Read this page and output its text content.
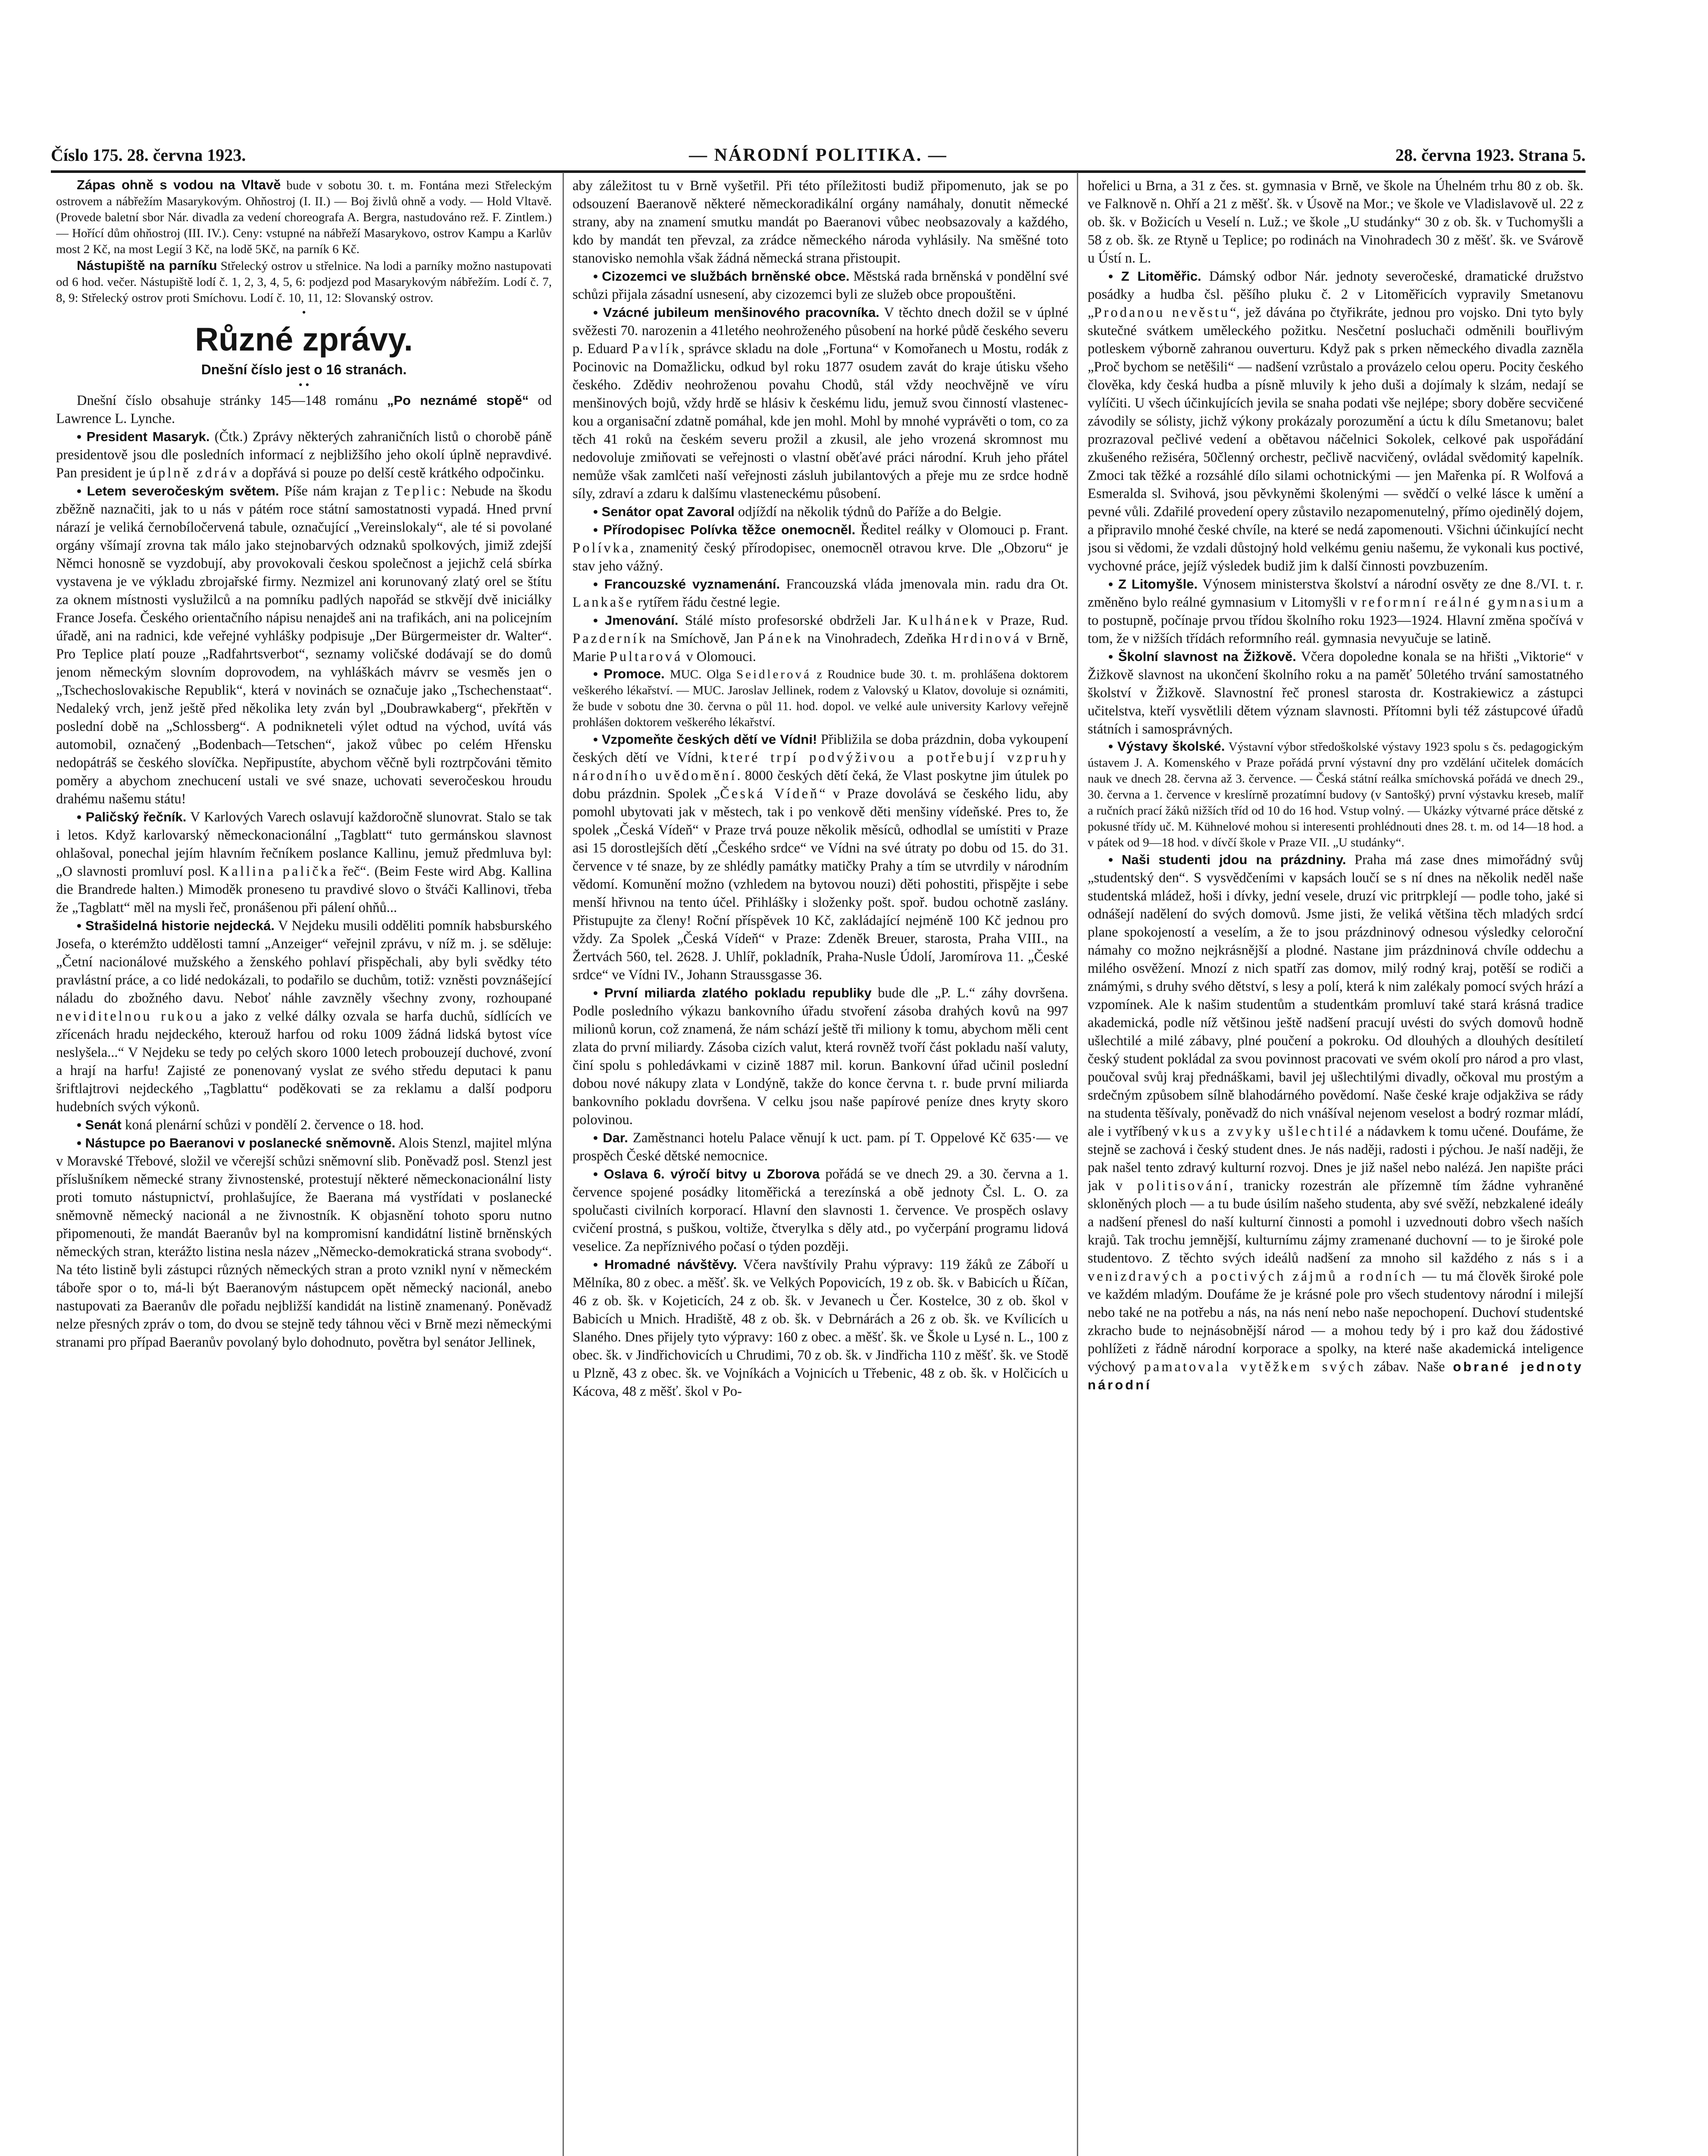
Číslo 175. 28. června 1923.	— NÁRODNÍ POLITIKA. —	28. června 1923. Strana 5.

Zápas ohně s vodou na Vltavě bude v sobotu 30. t. m. Fontána mezi Střeleckým ostrovem a nábřežím Masarykovým. Ohňostroj (I. II.) — Boj živlů ohně a vody. — Hold Vltavě. (Provede baletní sbor Nár. divadla za vedení choreografa A. Bergra, nastudováno rež. F. Zintlem.) — Hořící dům ohňostroj (III. IV.). Ceny: vstupné na nábřeží Masarykovo, ostrov Kampu a Karlův most 2 Kč, na most Legií 3 Kč, na lodě 5Kč, na parník 6 Kč.

Nástupiště na parníku Střelecký ostrov u střelnice. Na lodi a parníky možno nastupovati od 6 hod. večer. Nástupiště lodí č. 1, 2, 3, 4, 5, 6: podjezd pod Masarykovým nábřežím. Lodí č. 7, 8, 9: Střelecký ostrov proti Smíchovu. Lodí č. 10, 11, 12: Slovanský ostrov.

•

Různé zprávy.

Dnešní číslo jest o 16 stranách.

• •

Dnešní číslo obsahuje stránky 145—148 románu „Po neznámé stopě“ od Lawrence L. Lynche.

• President Masaryk. (Čtk.) Zprávy některých zahraničních listů o chorobě páně presidentově jsou dle posledních informací z nejbližšího jeho okolí úplně nepravdivé. Pan president je úplně zdráv a dopřává si pouze po delší cestě krátkého odpočinku.

• Letem severočeským světem. Píše nám krajan z Teplic: Nebude na škodu zběžně naznačiti, jak to u nás v pátém roce státní samostatnosti vypadá. Hned první nárazí je veliká černobíločervená tabule, označující „Vereinslokaly“, ale té si povolané orgány všímají zrovna tak málo jako stejnobarvých odznaků spolkových, jimiž zdejší Němci honosně se vyzdobují, aby provokovali českou společnost a jejichž celá sbírka vystavena je ve výkladu zbrojařské firmy. Nezmizel ani korunovaný zlatý orel se štítu za oknem místnosti vyslužilců a na pomníku padlých napořád se stkvějí dvě iniciálky France Josefa. Českého orientačního nápisu nenajdeš ani na trafikách, ani na policejním úřadě, ani na radnici, kde veřejné vyhlášky podpisuje „Der Bürgermeister dr. Walter“. Pro Teplice platí pouze „Radfahrtsverbot“, seznamy voličské dodávají se do domů jenom německým slovním doprovodem, na vyhláškách mávrv se vesměs jen o „Tschechoslovakische Republik“, která v novinách se označuje jako „Tschechenstaat“. Nedaleký vrch, jenž ještě před několika lety zván byl „Doubrawkaberg“, překřtěn v poslední době na „Schlossberg“. A podnikneteli výlet odtud na východ, uvítá vás automobil, označený „Bodenbach—Tetschen“, jakož vůbec po celém Hřensku nedopátráš se českého slovíčka. Nepřipustíte, abychom věčně byli roztrpčováni těmito poměry a abychom znechucení ustali ve své snaze, uchovati severočeskou hroudu drahému našemu státu!

• Paličský řečník. V Karlových Varech oslavují každoročně slunovrat. Stalo se tak i letos. Když karlovarský německonacionální „Tagblatt“ tuto germánskou slavnost ohlašoval, ponechal jejím hlavním řečníkem poslance Kallinu, jemuž předmluva byl: „O slavnosti promluví posl. Kallina palička řeč“. (Beim Feste wird Abg. Kallina die Brandrede halten.) Mimoděk proneseno tu pravdivé slovo o štváči Kallinovi, třeba že „Tagblatt“ měl na mysli řeč, pronášenou při pálení ohňů...

• Strašidelná historie nejdecká. V Nejdeku musili odděliti pomník habsburského Josefa, o kterémžto uddělosti tamní „Anzeiger“ veřejnil zprávu, v níž m. j. se sděluje: „Četní nacionálové mužského a ženského pohlaví přispěchali, aby byli svědky této pravlástní práce, a co lidé nedokázali, to podařilo se duchům, totiž: vzněsti povznášející náladu do zbožného davu. Neboť náhle zavzněly všechny zvony, rozhoupané neviditelnou rukou a jako z velké dálky ozvala se harfa duchů, sídlících ve zřícenách hradu nejdeckého, kterouž harfou od roku 1009 žádná lidská bytost více neslyšela...“ V Nejdeku se tedy po celých skoro 1000 letech probouzejí duchové, zvoní a hrají na harfu! Zajisté ze ponenovaný vyslat ze svého středu deputaci k panu šriftlajtrovi nejdeckého „Tagblattu“ poděkovati se za reklamu a další podporu hudebních svých výkonů.

• Senát koná plenární schůzi v pondělí 2. července o 18. hod.

• Nástupce po Baeranovi v poslanecké sněmovně. Alois Stenzl, majitel mlýna v Moravské Třebové, složil ve včerejší schůzi sněmovní slib. Poněvadž posl. Stenzl jest příslušníkem německé strany živnostenské, protestují některé německonacionální listy proti tomuto nástupnictví, prohlašujíce, že Baerana má vystřídati v poslanecké sněmovně německý nacionál a ne živnostník. K objasnění tohoto sporu nutno připomenouti, že mandát Baeranův byl na kompromisní kandidátní listině brněnských německých stran, kterážto listina nesla název „Německo-demokratická strana svobody“. Na této listině byli zástupci různých německých stran a proto vznikl nyní v německém táboře spor o to, má-li být Baeranovým nástupcem opět německý nacionál, anebo nastupovati za Baeranův dle pořadu nejbližší kandidát na listině znamenaný. Poněvadž nelze přesných zpráv o tom, do dvou se stejně tedy táhnou věci v Brně mezi německými stranami pro případ Baeranův povolaný bylo dohodnuto, povětra byl senátor Jellinek,

aby záležitost tu v Brně vyšetřil. Při této příležitosti budiž připomenuto, jak se po odsouzení Baeranově některé německoradikální orgány namáhaly, donutit německé strany, aby na znamení smutku mandát po Baeranovi vůbec neobsazovaly a každého, kdo by mandát ten převzal, za zrádce německého národa vyhlásily. Na směšné toto stanovisko nemohla však žádná německá strana přistoupit.

• Cizozemci ve službách brněnské obce. Městská rada brněnská v pondělní své schůzi přijala zásadní usnesení, aby cizozemci byli ze služeb obce propouštěni.

• Vzácné jubileum menšinového pracovníka. V těchto dnech dožil se v úplné svěžesti 70. narozenin a 41letého neohroženého působení na horké půdě českého severu p. Eduard Pavlík, správce skladu na dole „Fortuna“ v Komořanech u Mostu, rodák z Pocinovic na Domažlicku, odkud byl roku 1877 osudem zavát do kraje útisku všeho českého. Zdědiv neohroženou povahu Chodů, stál vždy neochvějně ve víru menšinových bojů, vždy hrdě se hlásiv k českému lidu, jemuž svou činností vlasteneckou a organisační zdatně pomáhal, kde jen mohl. Mohl by mnohé vyprávěti o tom, co za těch 41 roků na českém severu prožil a zkusil, ale jeho vrozená skromnost mu nedovoluje zmiňovati se veřejnosti o vlastní oběťavé práci národní. Kruh jeho přátel nemůže však zamlčeti naší veřejnosti zásluh jubilantových a přeje mu ze srdce hodně síly, zdraví a zdaru k dalšímu vlasteneckému působení.

• Senátor opat Zavoral odjíždí na několik týdnů do Paříže a do Belgie.

• Přírodopisec Polívka těžce onemocněl. Ředitel reálky v Olomouci p. Frant. Polívka, znamenitý český přírodopisec, onemocněl otravou krve. Dle „Obzoru“ je stav jeho vážný.

• Francouzské vyznamenání. Francouzská vláda jmenovala min. radu dra Ot. Lankaše rytířem řádu čestné legie.

• Jmenování. Stálé místo profesorské obdrželi Jar. Kulhánek v Praze, Rud. Pazderník na Smíchově, Jan Pánek na Vinohradech, Zdeňka Hrdinová v Brně, Marie Pultarová v Olomouci.

• Promoce. MUC. Olga Seidlerová z Roudnice bude 30. t. m. prohlášena doktorem veškerého lékařství. — MUC. Jaroslav Jellinek, rodem z Valovský u Klatov, dovoluje si oznámiti, že bude v sobotu dne 30. června o půl 11. hod. dopol. ve velké aule university Karlovy veřejně prohlášen doktorem veškerého lékařství.

• Vzpomeňte českých dětí ve Vídni! Přibližila se doba prázdnin, doba vykoupení českých dětí ve Vídni, které trpí podvýživou a potřebují vzpruhy národního uvědomění. 8000 českých dětí čeká, že Vlast poskytne jim útulek po dobu prázdnin. Spolek „Česká Vídeň“ v Praze dovolává se českého lidu, aby pomohl ubytovati jak v městech, tak i po venkově děti menšiny vídeňské. Pres to, že spolek „Česká Vídeň“ v Praze trvá pouze několik měsíců, odhodlal se umístiti v Praze asi 15 dorostlejších dětí „Českého srdce“ ve Vídni na své útraty po dobu od 15. do 31. července v té snaze, by ze shlédly památky matičky Prahy a tím se utvrdily v národním vědomí. Komunění možno (vzhledem na bytovou nouzi) děti pohostiti, přispějte i sebe menší hřivnou na tento účel. Přihlášky i složenky pošt. spoř. budou ochotně zaslány. Přistupujte za členy! Roční příspěvek 10 Kč, zakládající nejméně 100 Kč jednou pro vždy. Za Spolek „Česká Vídeň“ v Praze: Zdeněk Breuer, starosta, Praha VIII., na Žertvách 560, tel. 2628. J. Uhlíř, pokladník, Praha-Nusle Údolí, Jaromírova 11. „České srdce“ ve Vídni IV., Johann Straussgasse 36.

• První miliarda zlatého pokladu republiky bude dle „P. L.“ záhy dovršena. Podle posledního výkazu bankovního úřadu stvoření zásoba drahých kovů na 997 milionů korun, což znamená, že nám schází ještě tři miliony k tomu, abychom měli cent zlata do první miliardy. Zásoba cizích valut, která rovněž tvoří část pokladu naší valuty, činí spolu s pohledávkami v cizině 1887 mil. korun. Bankovní úřad učinil poslední dobou nové nákupy zlata v Londýně, takže do konce června t. r. bude první miliarda bankovního pokladu dovršena. V celku jsou naše papírové peníze dnes kryty skoro polovinou.

• Dar. Zaměstnanci hotelu Palace věnují k uct. pam. pí T. Oppelové Kč 635·— ve prospěch České dětské nemocnice.

• Oslava 6. výročí bitvy u Zborova pořádá se ve dnech 29. a 30. června a 1. července spojené posádky litoměřická a terezínská a obě jednoty Čsl. L. O. za spolučasti civilních korporací. Hlavní den slavnosti 1. července. Ve prospěch oslavy cvičení prostná, s puškou, voltiže, čtverylka s děly atd., po vyčerpání programu lidová veselice. Za nepříznivého počasí o týden později.

• Hromadné návštěvy. Včera navštívily Prahu výpravy: 119 žáků ze Záboří u Mělníka, 80 z obec. a měšť. šk. ve Velkých Popovicích, 19 z ob. šk. v Babicích u Říčan, 46 z ob. šk. v Kojeticích, 24 z ob. šk. v Jevanech u Čer. Kostelce, 30 z ob. škol v Babicích u Mnich. Hradiště, 48 z ob. šk. v Debrnárách a 26 z ob. šk. ve Kvílicích u Slaného. Dnes přijely tyto výpravy: 160 z obec. a měšť. šk. ve Škole u Lysé n. L., 100 z obec. šk. v Jindřichovicích u Chrudimi, 70 z ob. šk. v Jindřicha 110 z měšť. šk. ve Stodě u Plzně, 43 z obec. šk. ve Vojníkách a Vojnicích u Třebenic, 48 z ob. šk. v Holčicích u Kácova, 48 z měšť. škol v Po-

hořelici u Brna, a 31 z čes. st. gymnasia v Brně, ve škole na Úhelném trhu 80 z ob. šk. ve Falknově n. Ohří a 21 z měšť. šk. v Úsově na Mor.; ve škole ve Vladislavově ul. 22 z ob. šk. v Božicích u Veselí n. Luž.; ve škole „U studánky“ 30 z ob. šk. v Tuchomyšli a 58 z ob. šk. ze Rtyně u Teplice; po rodinách na Vinohradech 30 z měšť. šk. ve Svárově u Ústí n. L.

• Z Litoměřic. Dámský odbor Nár. jednoty severočeské, dramatické družstvo posádky a hudba čsl. pěšího pluku č. 2 v Litoměřicích vypravily Smetanovu „Prodanou nevěstu“, jež dávána po čtyřikráte, jednou pro vojsko. Dni tyto byly skutečné svátkem uměleckého požitku. Nesčetní posluchači odměnili bouřlivým potleskem výborně zahranou ouverturu. Když pak s prken německého divadla zazněla „Proč bychom se netěšili“ — nadšení vzrůstalo a provázelo celou operu. Pocity českého člověka, kdy česká hudba a písně mluvily k jeho duši a dojímaly k slzám, nedají se vylíčiti. U všech účinkujících jevila se snaha podati vše nejlépe; sbory doběre secvičené závodily se sólisty, jichž výkony prokázaly porozumění a úctu k dílu Smetanovu; balet prozrazoval pečlivé vedení a obětavou náčelnici Sokolek, celkové pak uspořádání zkušeného režiséra, 50členný orchestr, pečlivě nacvičený, ovládal svědomitý kapelník. Zmoci tak těžké a rozsáhlé dílo silami ochotnickými — jen Mařenka pí. R Wolfová a Esmeralda sl. Svihová, jsou pěvkyněmi školenými — svědčí o velké lásce k umění a pevné vůli. Zdařilé provedení opery zůstavilo nezapomenutelný, přímo ojedinělý dojem, a připravilo mnohé české chvíle, na které se nedá zapomenouti. Všichni účinkující necht jsou si vědomi, že vzdali důstojný hold velkému geniu našemu, že vykonali kus poctivé, vychovné práce, jejíž výsledek budiž jim k další činnosti povzbuzením.

• Z Litomyšle. Výnosem ministerstva školství a národní osvěty ze dne 8./VI. t. r. změněno bylo reálné gymnasium v Litomyšli v reformní reálné gymnasium a to postupně, počínaje prvou třídou školního roku 1923—1924. Hlavní změna spočívá v tom, že v nižších třídách reformního reál. gymnasia nevyučuje se latině.

• Školní slavnost na Žižkově. Včera dopoledne konala se na hřišti „Viktorie“ v Žižkově slavnost na ukončení školního roku a na paměť 50letého trvání samostatného školství v Žižkově. Slavnostní řeč pronesl starosta dr. Kostrakiewicz a zástupci učitelstva, kteří vysvětlili dětem význam slavnosti. Přítomni byli též zástupcové úřadů státních i samosprávných.

• Výstavy školské. Výstavní výbor středoškolské výstavy 1923 spolu s čs. pedagogickým ústavem J. A. Komenského v Praze pořádá první výstavní dny pro vzdělání učitelek domácích nauk ve dnech 28. června až 3. července. — Česká státní reálka smíchovská pořádá ve dnech 29., 30. června a 1. července v kreslírně prozatímní budovy (v Santošký) první výstavku kreseb, malíř a ručních prací žáků nižších tříd od 10 do 16 hod. Vstup volný. — Ukázky výtvarné práce dětské z pokusné třídy uč. M. Kühnelové mohou si interesenti prohlédnouti dnes 28. t. m. od 14—18 hod. a v pátek od 9—18 hod. v dívčí škole v Praze VII. „U studánky“.

• Naši studenti jdou na prázdniny. Praha má zase dnes mimořádný svůj „studentský den“. S vysvědčeními v kapsách loučí se s ní dnes na několik neděl naše studentská mládež, hoši i dívky, jední vesele, druzí vic pritrpklejí — podle toho, jaké si odnášejí nadělení do svých domovů. Jsme jisti, že veliká většina těch mladých srdcí plane spokojeností a veselím, a že to jsou prázdninový odnesou výsledky celoroční námahy co možno nejkrásnější a plodné. Nastane jim prázdninová chvíle oddechu a milého osvěžení. Mnozí z nich spatří zas domov, milý rodný kraj, potěší se rodiči a známými, s druhy svého dětství, s lesy a polí, která k nim zalékaly pomocí svých hrází a vzpomínek. Ale k našim studentům a studentkám promluví také stará krásná tradice akademická, podle níž většinou ještě nadšení pracují uvésti do svých domovů hodně ušlechtilé a milé zábavy, plné poučení a pokroku. Od dlouhých a dlouhých desítiletí český student pokládal za svou povinnost pracovati ve svém okolí pro národ a pro vlast, poučoval svůj kraj přednáškami, bavil jej ušlechtilými divadly, očkoval mu prostým a srdečným způsobem sílně blahodárného povědomí. Naše české kraje odjakživa se rády na studenta těšívaly, poněvadž do nich vnášíval nejenom veselost a bodrý rozmar mládí, ale i vytříbený vkus a zvyky ušlechtilé a nádavkem k tomu učené. Doufáme, že stejně se zachová i český student dnes. Je nás naději, radosti i pýchou. Je naší naději, že pak našel tento zdravý kulturní rozvoj. Dnes je již našel nebo nalézá. Jen napište práci jak v politisování, tranicky rozestrán ale přízemně tím žádne vyhraněné skloněných ploch — a tu bude úsilím našeho studenta, aby své svěží, nebzkalené ideály a nadšení přenesl do naší kulturní činnosti a pomohl i uzvednouti dobro všech naších krajů. Tak trochu jemnější, kulturnímu zájmy zramenané duchovní — to je široké pole studentovo. Z těchto svých ideálů nadšení za mnoho sil každého z nás s i a venizdravých a poctivých zájmů a rodních — tu má člověk široké pole ve každém mladým. Doufáme že je krásné pole pro všech studentovy národní i milejší nebo také ne na potřebu a nás, na nás není nebo naše nepochopení. Duchoví studentské zkracho bude to nejnásobnější národ — a mohou tedy bý i pro kaž dou žádostivé pohlížeti z řádně národní korporace a spolky, na které naše akademická inteligence výchový pamatovala vytěžkem svých zábav. Naše obrané jednoty národní
